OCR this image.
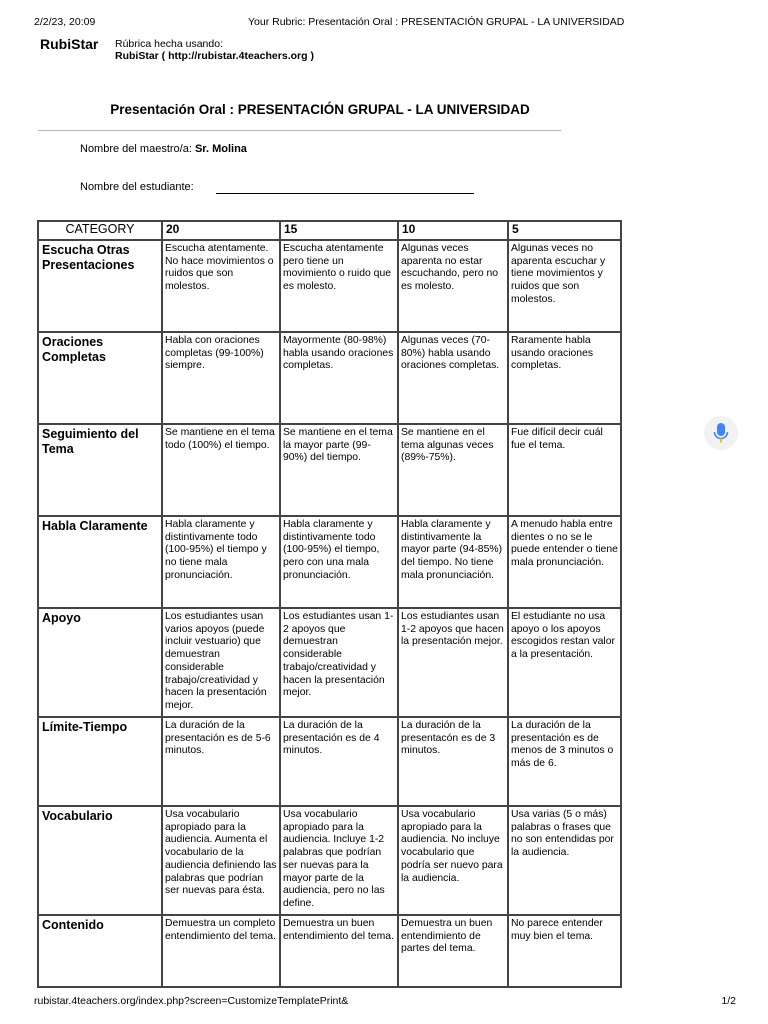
2/2/23, 20:09	Your Rubric: Presentación Oral : PRESENTACIÓN GRUPAL - LA UNIVERSIDAD
RubiStar Rúbrica hecha usando:
RubiStar ( http://rubistar.4teachers.org )
Presentación Oral : PRESENTACIÓN GRUPAL - LA UNIVERSIDAD
Nombre del maestro/a: Sr. Molina
Nombre del estudiante:
CATEGORY	20	15	10	5
Escucha Otras Presentaciones	Escucha atentamente. No hace movimientos o ruidos que son molestos.	Escucha atentamente pero tiene un movimiento o ruido que es molesto.	Algunas veces aparenta no estar escuchando, pero no es molesto.	Algunas veces no aparenta escuchar y tiene movimientos y ruidos que son molestos.
Oraciones Completas	Habla con oraciones completas (99-100%) siempre.	Mayormente (80-98%) habla usando oraciones completas.	Algunas veces (70-80%) habla usando oraciones completas.	Raramente habla usando oraciones completas.
Seguimiento del Tema	Se mantiene en el tema todo (100%) el tiempo.	Se mantiene en el tema la mayor parte (99-90%) del tiempo.	Se mantiene en el tema algunas veces (89%-75%).	Fue difícil decir cuál fue el tema.
Habla Claramente	Habla claramente y distintivamente todo (100-95%) el tiempo y no tiene mala pronunciación.	Habla claramente y distintivamente todo (100-95%) el tiempo, pero con una mala pronunciación.	Habla claramente y distintivamente la mayor parte (94-85%) del tiempo. No tiene mala pronunciación.	A menudo habla entre dientes o no se le puede entender o tiene mala pronunciación.
Apoyo	Los estudiantes usan varios apoyos (puede incluir vestuario) que demuestran considerable trabajo/creatividad y hacen la presentación mejor.	Los estudiantes usan 1-2 apoyos que demuestran considerable trabajo/creatividad y hacen la presentación mejor.	Los estudiantes usan 1-2 apoyos que hacen la presentación mejor.	El estudiante no usa apoyo o los apoyos escogidos restan valor a la presentación.
Límite-Tiempo	La duración de la presentación es de 5-6 minutos.	La duración de la presentación es de 4 minutos.	La duración de la presentacón es de 3 minutos.	La duración de la presentación es de menos de 3 minutos o más de 6.
Vocabulario	Usa vocabulario apropiado para la audiencia. Aumenta el vocabulario de la audiencia definiendo las palabras que podrían ser nuevas para ésta.	Usa vocabulario apropiado para la audiencia. Incluye 1-2 palabras que podrían ser nuevas para la mayor parte de la audiencia, pero no las define.	Usa vocabulario apropiado para la audiencia. No incluye vocabulario que podría ser nuevo para la audiencia.	Usa varias (5 o más) palabras o frases que no son entendidas por la audiencia.
Contenido	Demuestra un completo entendimiento del tema.	Demuestra un buen entendimiento del tema.	Demuestra un buen entendimiento de partes del tema.	No parece entender muy bien el tema.
rubistar.4teachers.org/index.php?screen=CustomizeTemplatePrint&	1/2
